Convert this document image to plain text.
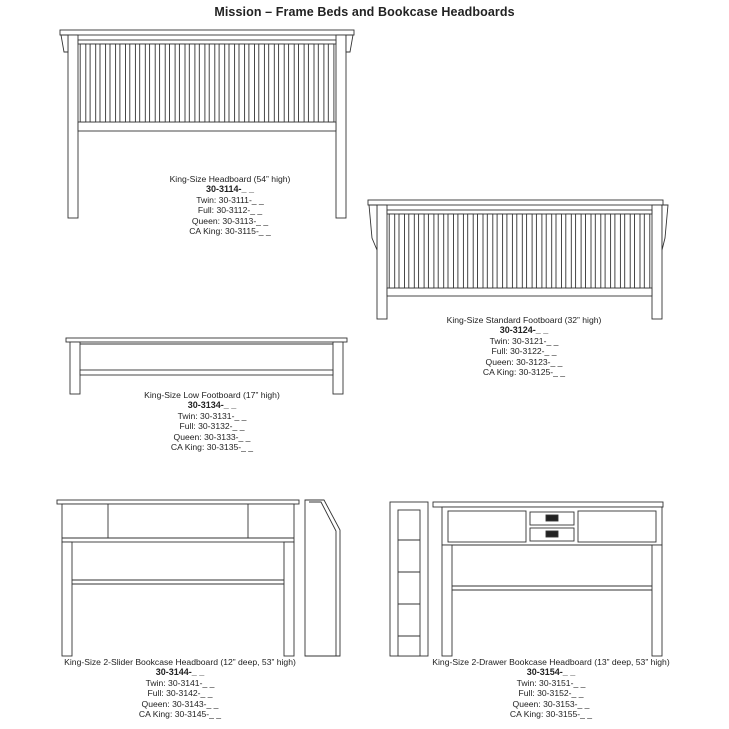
Mission – Frame Beds and Bookcase Headboards
King-Size Headboard (54” high)
30-3114-_ _
Twin: 30-3111-_ _
Full: 30-3112-_ _
Queen: 30-3113-_ _
CA King: 30-3115-_ _
King-Size Standard Footboard (32” high)
30-3124-_ _
Twin: 30-3121-_ _
Full: 30-3122-_ _
Queen: 30-3123-_ _
CA King: 30-3125-_ _
King-Size Low Footboard (17” high)
30-3134-_ _
Twin: 30-3131-_ _
Full: 30-3132-_ _
Queen: 30-3133-_ _
CA King: 30-3135-_ _
King-Size 2-Slider Bookcase Headboard (12” deep, 53” high)
30-3144-_ _
Twin: 30-3141-_ _
Full: 30-3142-_ _
Queen: 30-3143-_ _
CA King: 30-3145-_ _
King-Size 2-Drawer Bookcase Headboard (13” deep, 53” high)
30-3154-_ _
Twin: 30-3151-_ _
Full: 30-3152-_ _
Queen: 30-3153-_ _
CA King: 30-3155-_ _
